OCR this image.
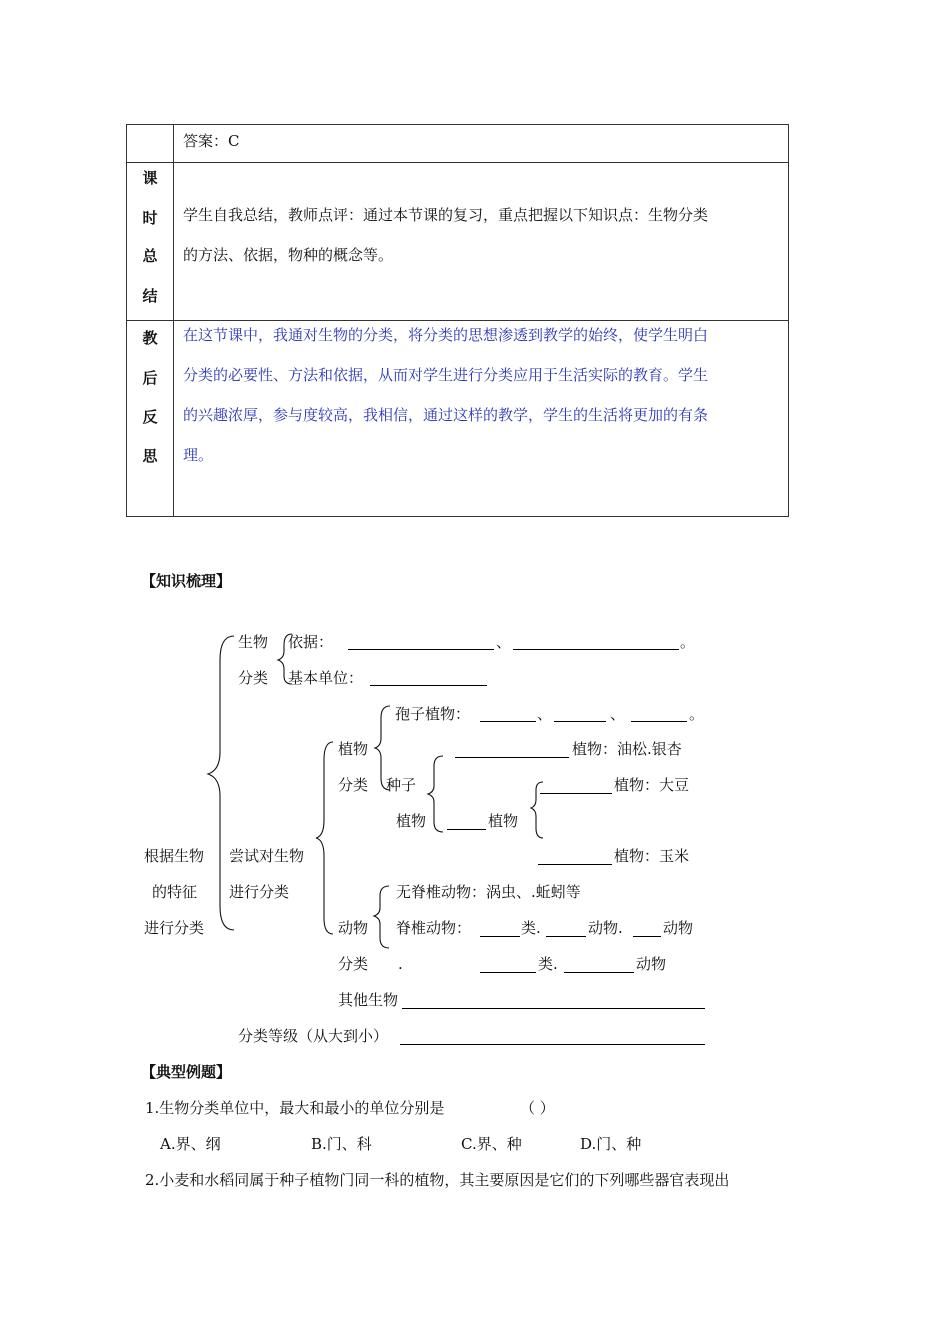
答案：C
课
时
总
结
学生自我总结，教师点评：通过本节课的复习，重点把握以下知识点：生物分类
的方法、依据，物种的概念等。
教
后
反
思
在这节课中，我通对生物的分类，将分类的思想渗透到教学的始终，使学生明白
分类的必要性、方法和依据，从而对学生进行分类应用于生活实际的教育。学生
的兴趣浓厚，参与度较高，我相信，通过这样的教学，学生的生活将更加的有条
理。
【知识梳理】
根据生物
的特征
进行分类
生物
分类
依据：	、	。
基本单位：
尝试对生物
进行分类
植物
分类
孢子植物：	、	、	。
种子
植物
植物：油松.银杏
植物
植物：大豆
植物：玉米
动物
分类
无脊椎动物：涡虫、.蚯蚓等
脊椎动物：	类.	动物.	动物
.	类.	动物
其他生物
分类等级（从大到小）
【典型例题】
1.生物分类单位中，最大和最小的单位分别是	（ ）
A.界、纲	B.门、科	C.界、种	D.门、种
2.小麦和水稻同属于种子植物门同一科的植物，其主要原因是它们的下列哪些器官表现出
